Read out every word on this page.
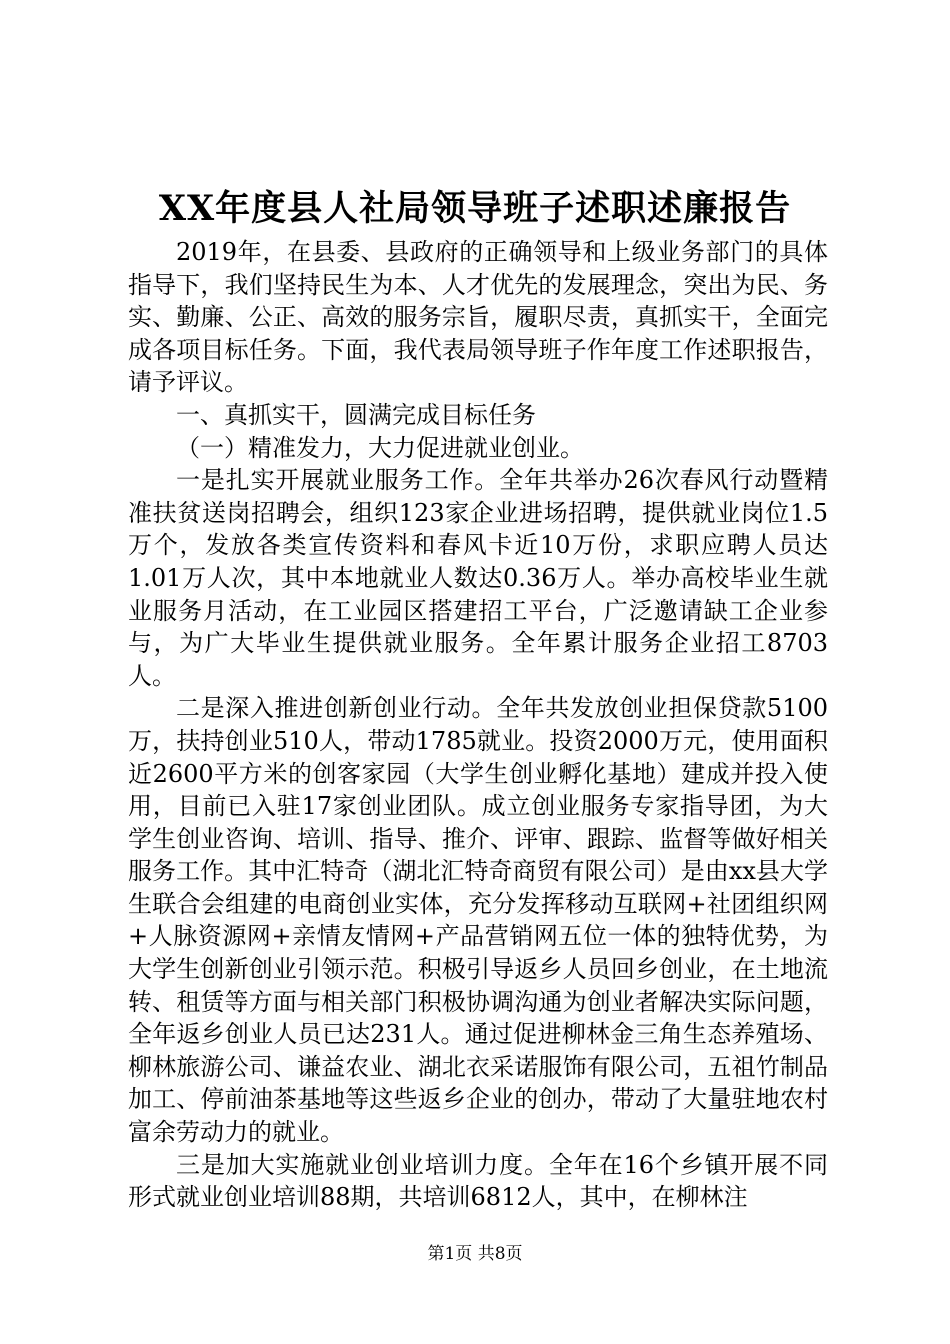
XX年度县人社局领导班子述职述廉报告

2019年，在县委、县政府的正确领导和上级业务部门的具体指导下，我们坚持民生为本、人才优先的发展理念，突出为民、务实、勤廉、公正、高效的服务宗旨，履职尽责，真抓实干，全面完成各项目标任务。下面，我代表局领导班子作年度工作述职报告，请予评议。

一、真抓实干，圆满完成目标任务

（一）精准发力，大力促进就业创业。

一是扎实开展就业服务工作。全年共举办26次春风行动暨精准扶贫送岗招聘会，组织123家企业进场招聘，提供就业岗位1.5万个，发放各类宣传资料和春风卡近10万份，求职应聘人员达1.01万人次，其中本地就业人数达0.36万人。举办高校毕业生就业服务月活动，在工业园区搭建招工平台，广泛邀请缺工企业参与，为广大毕业生提供就业服务。全年累计服务企业招工8703人。

二是深入推进创新创业行动。全年共发放创业担保贷款5100万，扶持创业510人，带动1785就业。投资2000万元，使用面积近2600平方米的创客家园（大学生创业孵化基地）建成并投入使用，目前已入驻17家创业团队。成立创业服务专家指导团，为大学生创业咨询、培训、指导、推介、评审、跟踪、监督等做好相关服务工作。其中汇特奇（湖北汇特奇商贸有限公司）是由xx县大学生联合会组建的电商创业实体，充分发挥移动互联网+社团组织网+人脉资源网+亲情友情网+产品营销网五位一体的独特优势，为大学生创新创业引领示范。积极引导返乡人员回乡创业，在土地流转、租赁等方面与相关部门积极协调沟通为创业者解决实际问题，全年返乡创业人员已达231人。通过促进柳林金三角生态养殖场、柳林旅游公司、谦益农业、湖北衣采诺服饰有限公司，五祖竹制品加工、停前油茶基地等这些返乡企业的创办，带动了大量驻地农村富余劳动力的就业。

三是加大实施就业创业培训力度。全年在16个乡镇开展不同形式就业创业培训88期，共培训6812人，其中，在柳林注

第1页 共8页
